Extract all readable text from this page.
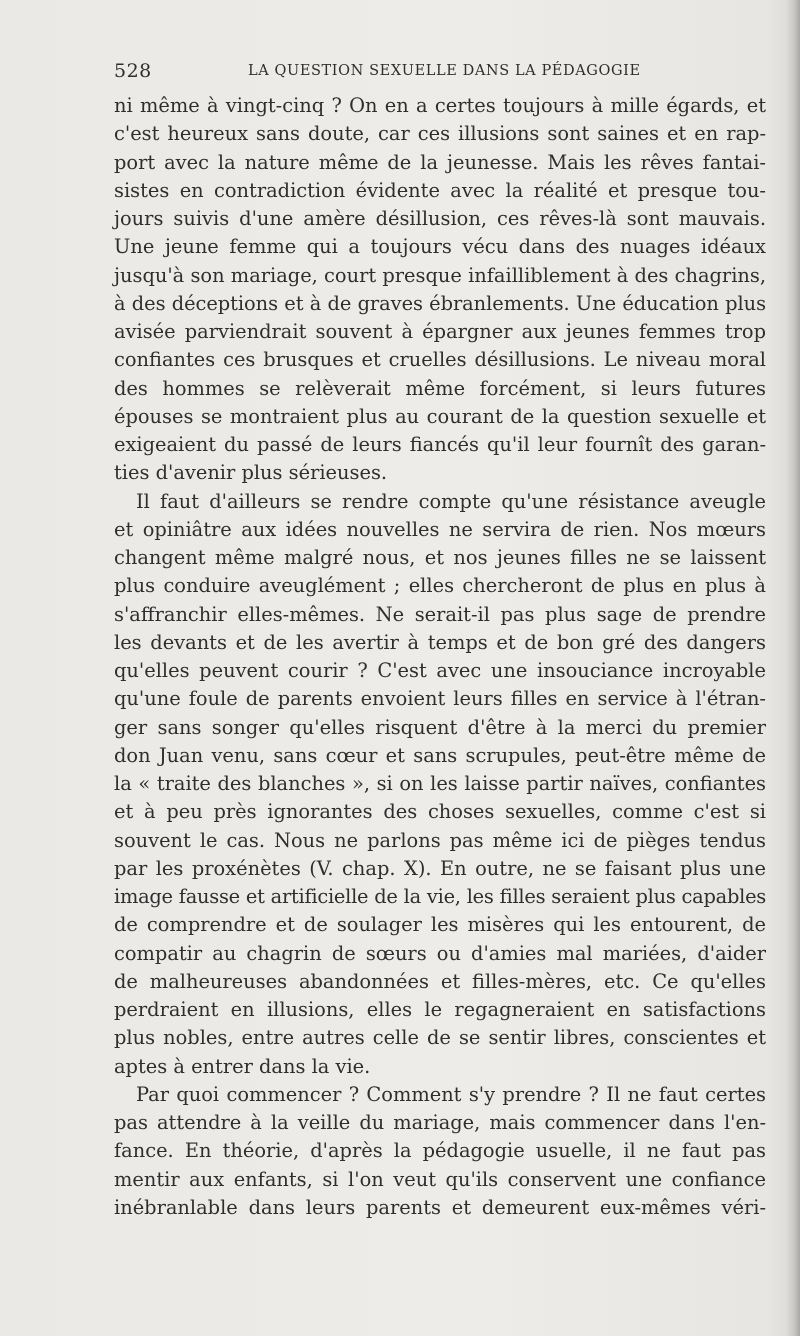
528	LA QUESTION SEXUELLE DANS LA PÉDAGOGIE
ni même à vingt-cinq ? On en a certes toujours à mille égards, et
c'est heureux sans doute, car ces illusions sont saines et en rap-
port avec la nature même de la jeunesse. Mais les rêves fantai-
sistes en contradiction évidente avec la réalité et presque tou-
jours suivis d'une amère désillusion, ces rêves-là sont mauvais.
Une jeune femme qui a toujours vécu dans des nuages idéaux
jusqu'à son mariage, court presque infailliblement à des chagrins,
à des déceptions et à de graves ébranlements. Une éducation plus
avisée parviendrait souvent à épargner aux jeunes femmes trop
confiantes ces brusques et cruelles désillusions. Le niveau moral
des hommes se relèverait même forcément, si leurs futures
épouses se montraient plus au courant de la question sexuelle et
exigeaient du passé de leurs fiancés qu'il leur fournît des garan-
ties d'avenir plus sérieuses.
Il faut d'ailleurs se rendre compte qu'une résistance aveugle
et opiniâtre aux idées nouvelles ne servira de rien. Nos mœurs
changent même malgré nous, et nos jeunes filles ne se laissent
plus conduire aveuglément ; elles chercheront de plus en plus à
s'affranchir elles-mêmes. Ne serait-il pas plus sage de prendre
les devants et de les avertir à temps et de bon gré des dangers
qu'elles peuvent courir ? C'est avec une insouciance incroyable
qu'une foule de parents envoient leurs filles en service à l'étran-
ger sans songer qu'elles risquent d'être à la merci du premier
don Juan venu, sans cœur et sans scrupules, peut-être même de
la « traite des blanches », si on les laisse partir naïves, confiantes
et à peu près ignorantes des choses sexuelles, comme c'est si
souvent le cas. Nous ne parlons pas même ici de pièges tendus
par les proxénètes (V. chap. X). En outre, ne se faisant plus une
image fausse et artificielle de la vie, les filles seraient plus capables
de comprendre et de soulager les misères qui les entourent, de
compatir au chagrin de sœurs ou d'amies mal mariées, d'aider
de malheureuses abandonnées et filles-mères, etc. Ce qu'elles
perdraient en illusions, elles le regagneraient en satisfactions
plus nobles, entre autres celle de se sentir libres, conscientes et
aptes à entrer dans la vie.
Par quoi commencer ? Comment s'y prendre ? Il ne faut certes
pas attendre à la veille du mariage, mais commencer dans l'en-
fance. En théorie, d'après la pédagogie usuelle, il ne faut pas
mentir aux enfants, si l'on veut qu'ils conservent une confiance
inébranlable dans leurs parents et demeurent eux-mêmes véri-
